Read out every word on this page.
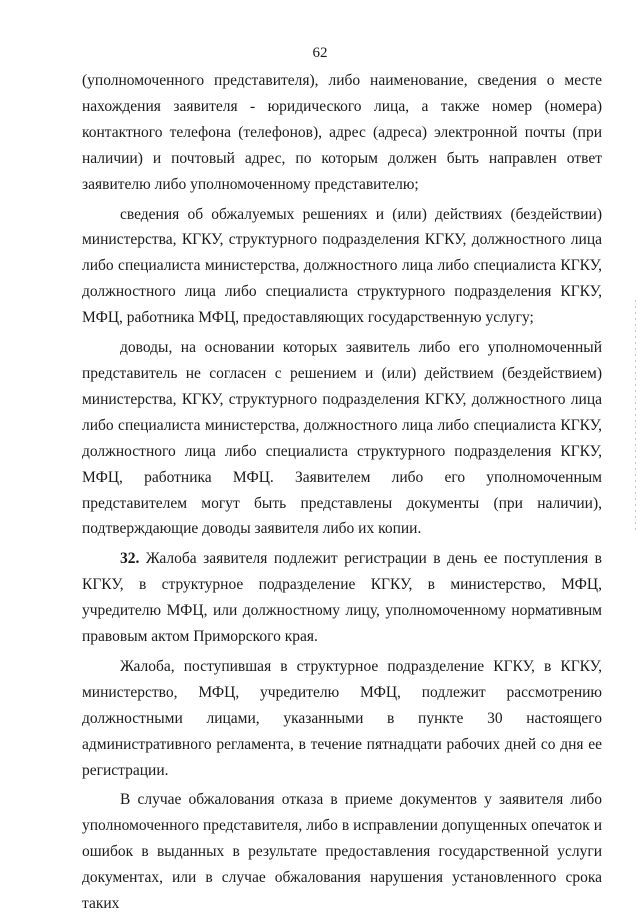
62

(уполномоченного представителя), либо наименование, сведения о месте нахождения заявителя - юридического лица, а также номер (номера) контактного телефона (телефонов), адрес (адреса) электронной почты (при наличии) и почтовый адрес, по которым должен быть направлен ответ заявителю либо уполномоченному представителю;

сведения об обжалуемых решениях и (или) действиях (бездействии) министерства, КГКУ, структурного подразделения КГКУ, должностного лица либо специалиста министерства, должностного лица либо специалиста КГКУ, должностного лица либо специалиста структурного подразделения КГКУ, МФЦ, работника МФЦ, предоставляющих государственную услугу;

доводы, на основании которых заявитель либо его уполномоченный представитель не согласен с решением и (или) действием (бездействием) министерства, КГКУ, структурного подразделения КГКУ, должностного лица либо специалиста министерства, должностного лица либо специалиста КГКУ, должностного лица либо специалиста структурного подразделения КГКУ, МФЦ, работника МФЦ. Заявителем либо его уполномоченным представителем могут быть представлены документы (при наличии), подтверждающие доводы заявителя либо их копии.

32. Жалоба заявителя подлежит регистрации в день ее поступления в КГКУ, в структурное подразделение КГКУ, в министерство, МФЦ, учредителю МФЦ, или должностному лицу, уполномоченному нормативным правовым актом Приморского края.

Жалоба, поступившая в структурное подразделение КГКУ, в КГКУ, министерство, МФЦ, учредителю МФЦ, подлежит рассмотрению должностными лицами, указанными в пункте 30 настоящего административного регламента, в течение пятнадцати рабочих дней со дня ее регистрации.

В случае обжалования отказа в приеме документов у заявителя либо уполномоченного представителя, либо в исправлении допущенных опечаток и ошибок в выданных в результате предоставления государственной услуги документах, или в случае обжалования нарушения установленного срока таких
